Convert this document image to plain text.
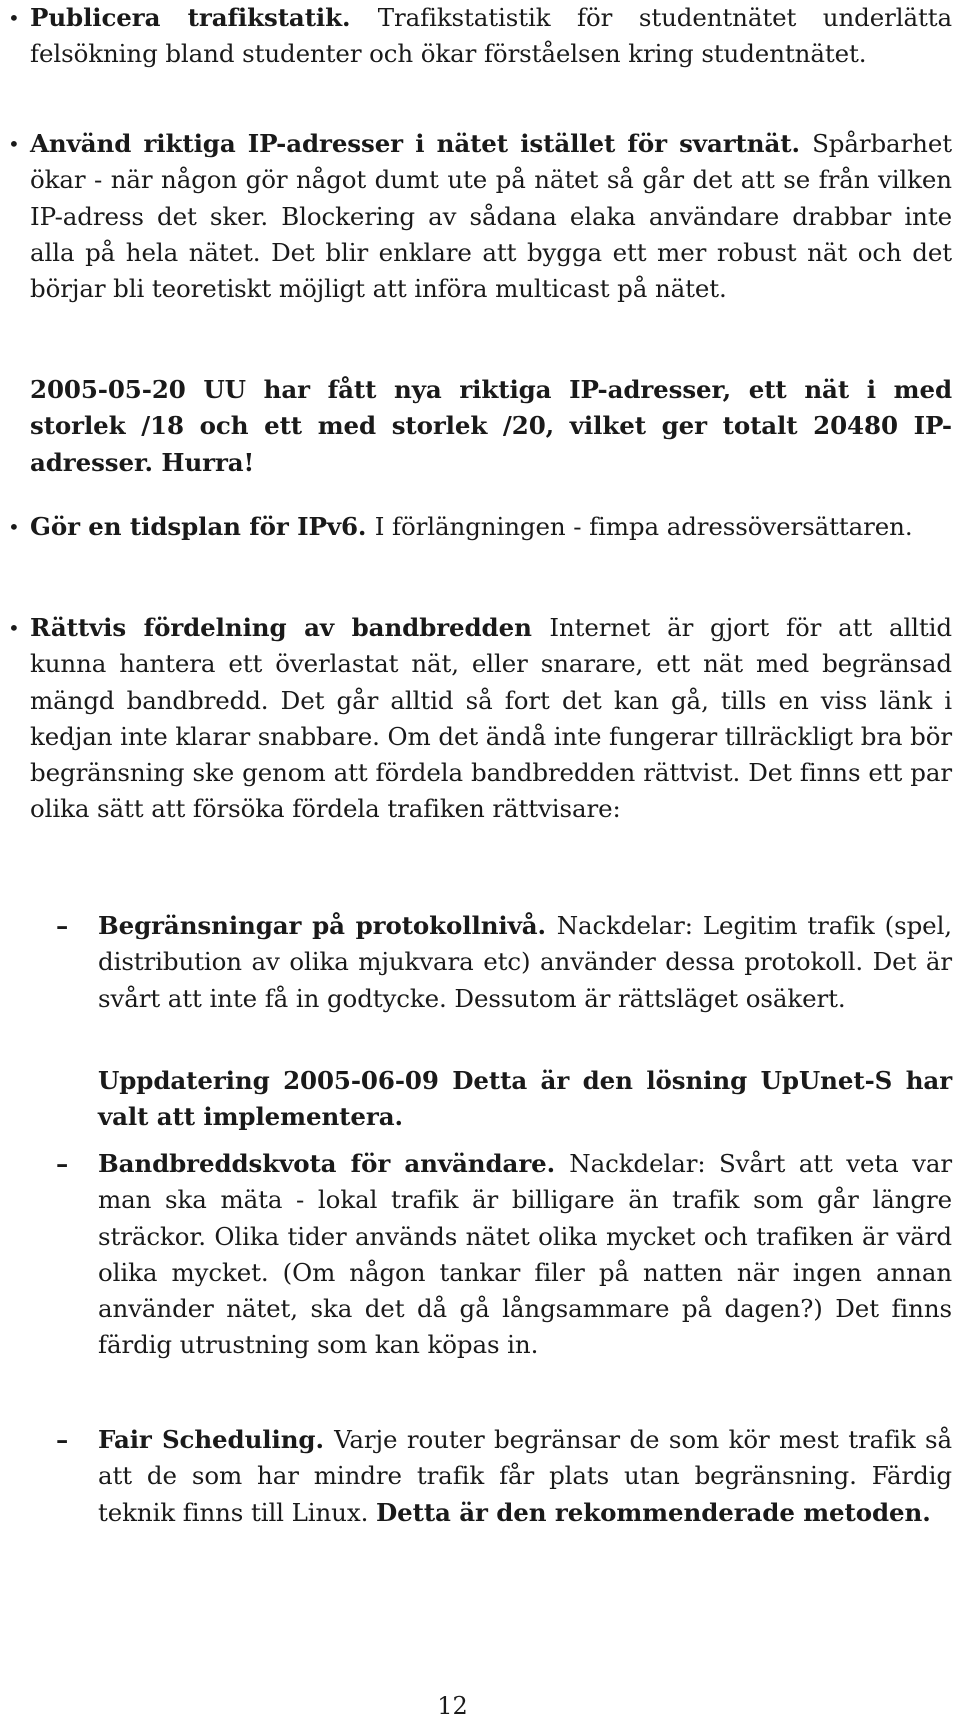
• Publicera trafikstatik. Trafikstatistik för studentnätet underlätta felsökning bland studenter och ökar förståelsen kring studentnätet.
• Använd riktiga IP-adresser i nätet istället för svartnät. Spårbarhet ökar - när någon gör något dumt ute på nätet så går det att se från vilken IP-adress det sker. Blockering av sådana elaka användare drabbar inte alla på hela nätet. Det blir enklare att bygga ett mer robust nät och det börjar bli teoretiskt möjligt att införa multicast på nätet.
2005-05-20 UU har fått nya riktiga IP-adresser, ett nät i med storlek /18 och ett med storlek /20, vilket ger totalt 20480 IP-adresser. Hurra!
• Gör en tidsplan för IPv6. I förlängningen - fimpa adressöversättaren.
• Rättvis fördelning av bandbredden Internet är gjort för att alltid kunna hantera ett överlastat nät, eller snarare, ett nät med begränsad mängd bandbredd. Det går alltid så fort det kan gå, tills en viss länk i kedjan inte klarar snabbare. Om det ändå inte fungerar tillräckligt bra bör begränsning ske genom att fördela bandbredden rättvist. Det finns ett par olika sätt att försöka fördela trafiken rättvisare:
– Begränsningar på protokollnivå. Nackdelar: Legitim trafik (spel, distribution av olika mjukvara etc) använder dessa protokoll. Det är svårt att inte få in godtycke. Dessutom är rättsläget osäkert.
Uppdatering 2005-06-09 Detta är den lösning UpUnet-S har valt att implementera.
– Bandbreddskvota för användare. Nackdelar: Svårt att veta var man ska mäta - lokal trafik är billigare än trafik som går längre sträckor. Olika tider används nätet olika mycket och trafiken är värd olika mycket. (Om någon tankar filer på natten när ingen annan använder nätet, ska det då gå långsammare på dagen?) Det finns färdig utrustning som kan köpas in.
– Fair Scheduling. Varje router begränsar de som kör mest trafik så att de som har mindre trafik får plats utan begränsning. Färdig teknik finns till Linux. Detta är den rekommenderade metoden.
12
